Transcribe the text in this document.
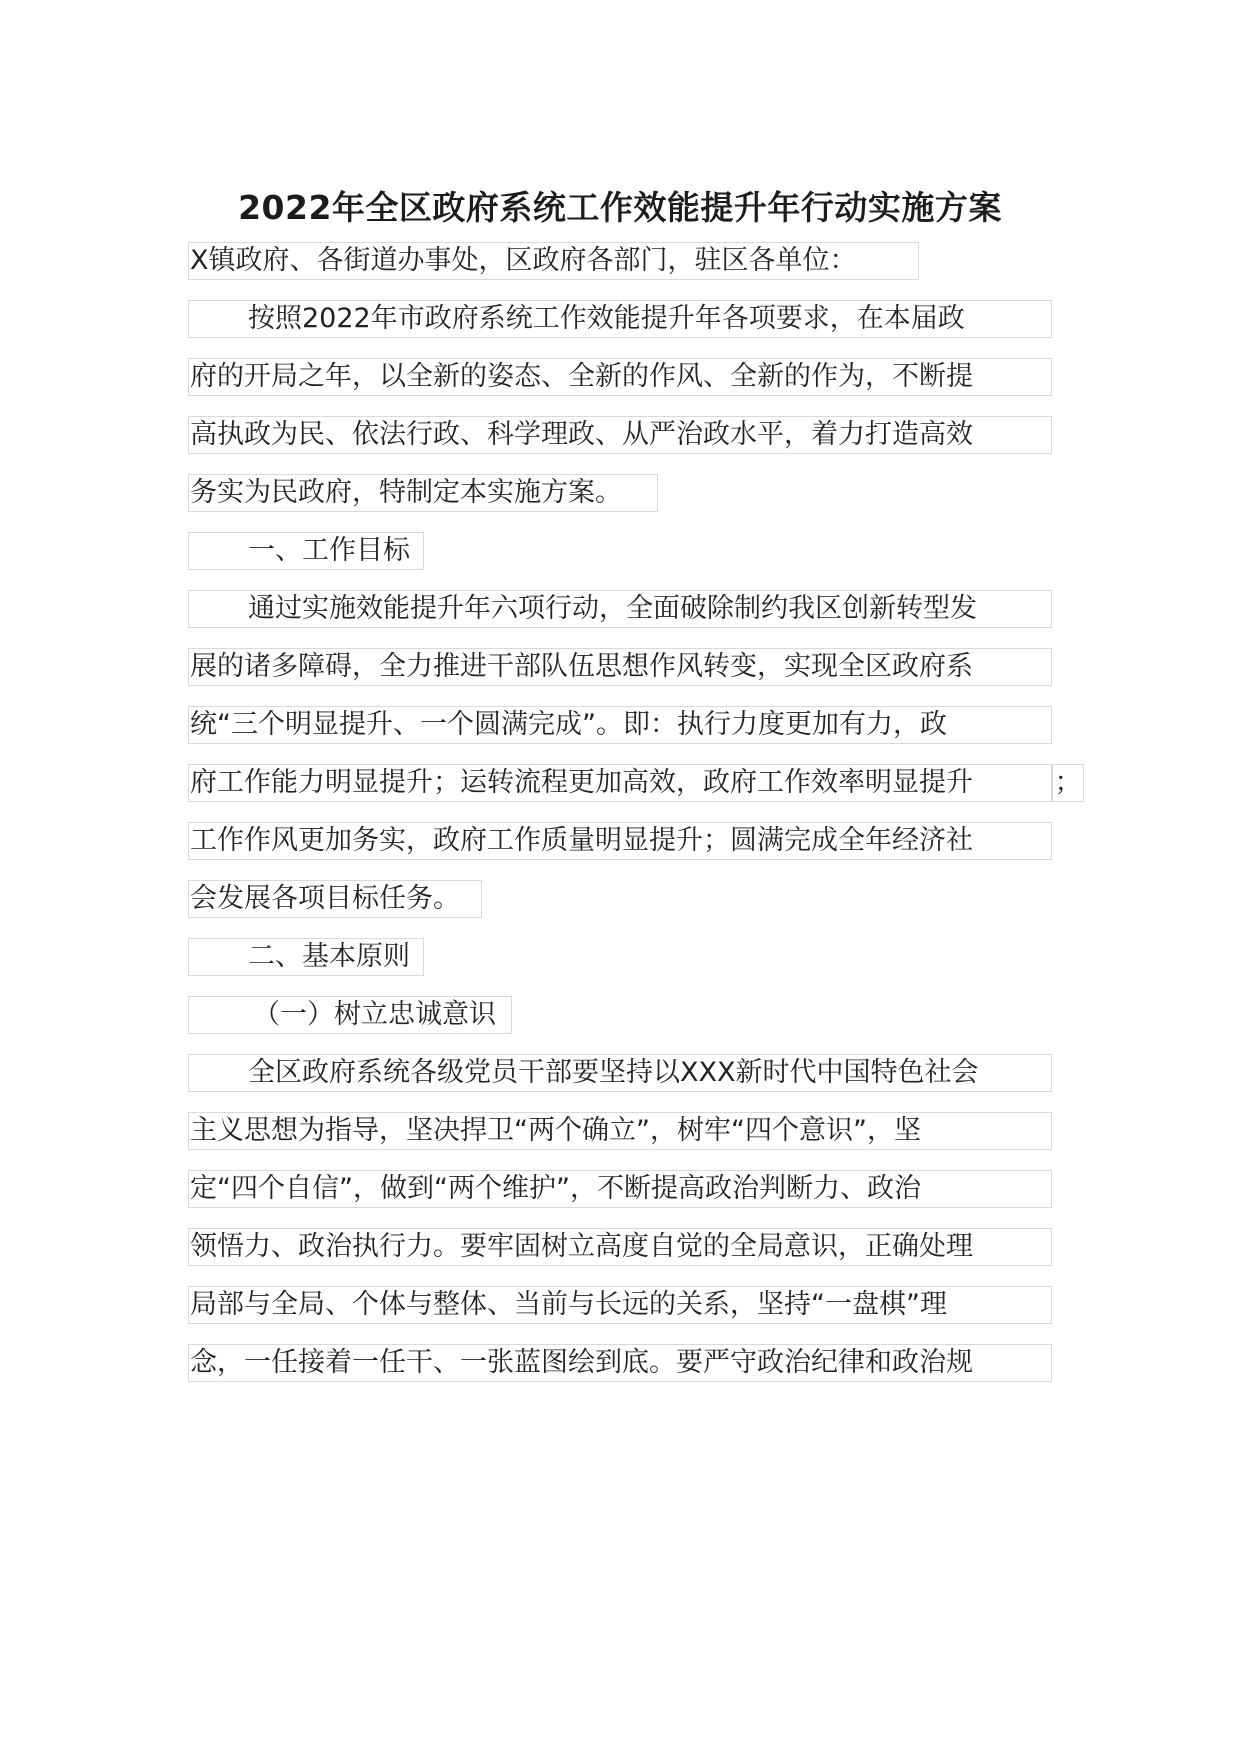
2022年全区政府系统工作效能提升年行动实施方案
X镇政府、各街道办事处，区政府各部门，驻区各单位：
按照2022年市政府系统工作效能提升年各项要求，在本届政
府的开局之年，以全新的姿态、全新的作风、全新的作为，不断提
高执政为民、依法行政、科学理政、从严治政水平，着力打造高效
务实为民政府，特制定本实施方案。
一、工作目标
通过实施效能提升年六项行动，全面破除制约我区创新转型发
展的诸多障碍，全力推进干部队伍思想作风转变，实现全区政府系
统“三个明显提升、一个圆满完成”。即：执行力度更加有力，政
府工作能力明显提升；运转流程更加高效，政府工作效率明显提升	；
工作作风更加务实，政府工作质量明显提升；圆满完成全年经济社
会发展各项目标任务。
二、基本原则
（一）树立忠诚意识
全区政府系统各级党员干部要坚持以XXX新时代中国特色社会
主义思想为指导，坚决捍卫“两个确立”，树牢“四个意识”，坚
定“四个自信”，做到“两个维护”，不断提高政治判断力、政治
领悟力、政治执行力。要牢固树立高度自觉的全局意识，正确处理
局部与全局、个体与整体、当前与长远的关系，坚持“一盘棋”理
念，一任接着一任干、一张蓝图绘到底。要严守政治纪律和政治规
